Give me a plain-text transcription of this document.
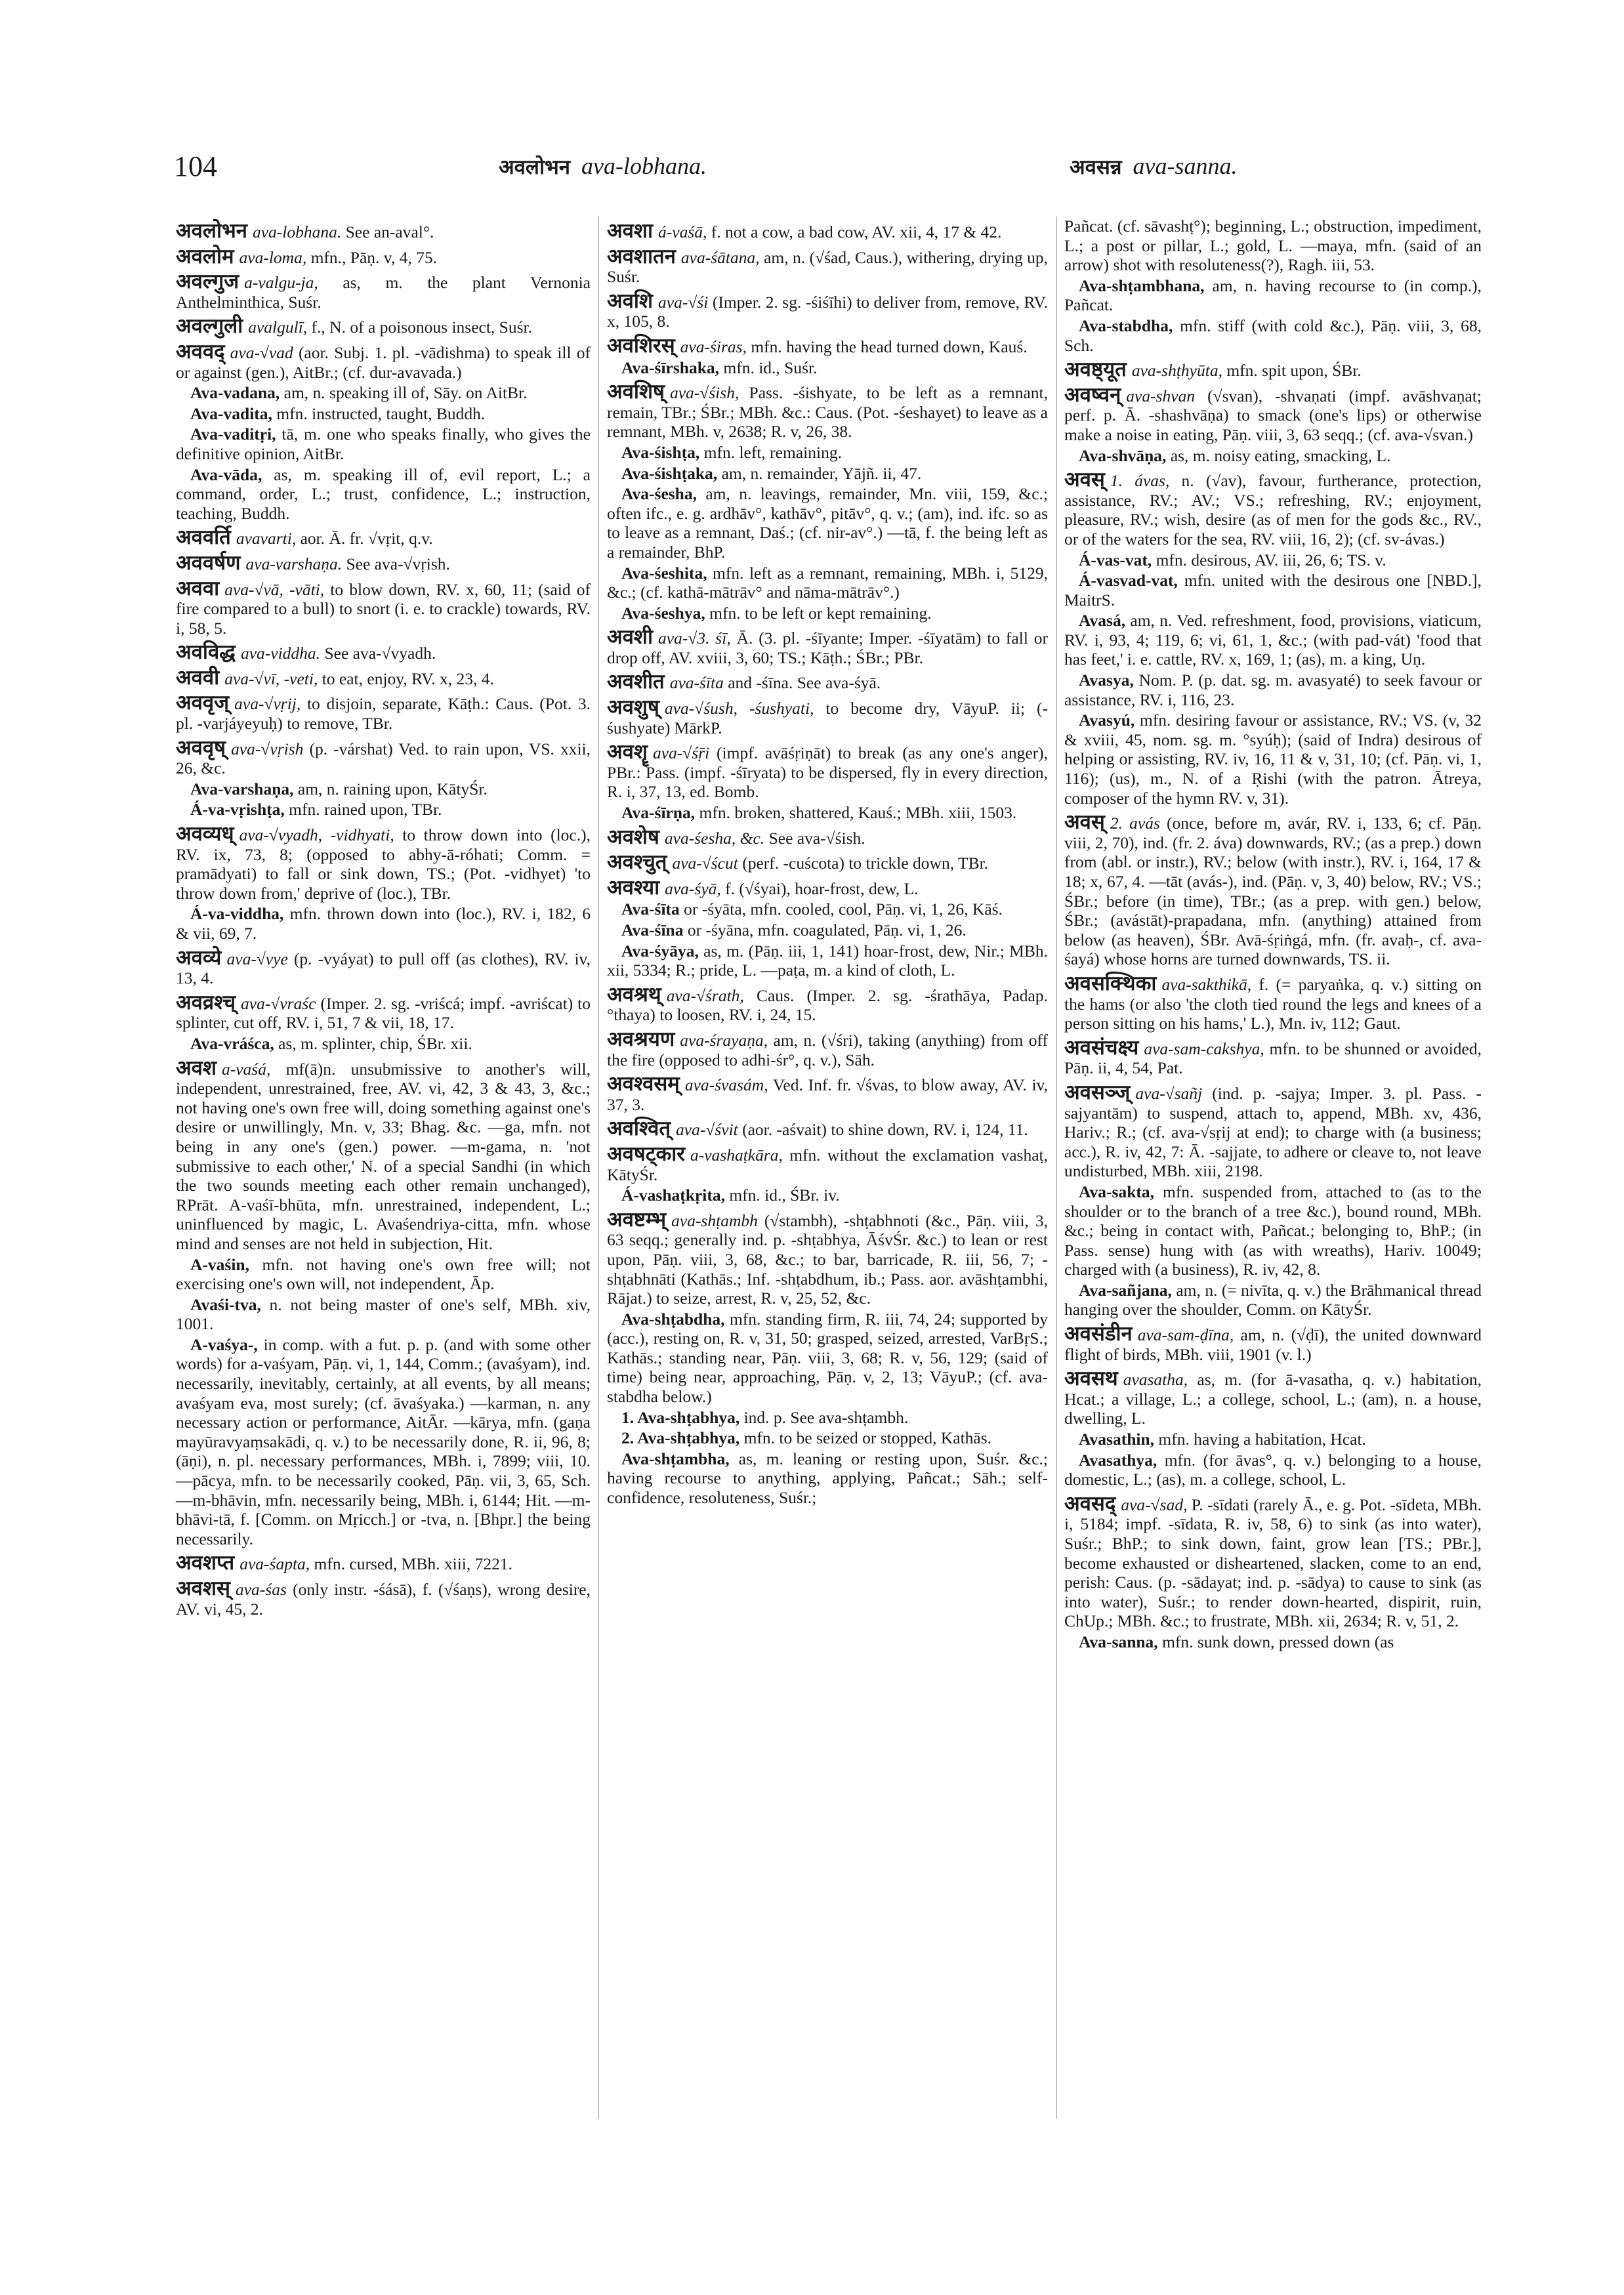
104	अवलोभन ava-lobhana.	अवसन्न ava-sanna.
अवलोभन ava-lobhana. See an-aval°.
अवलोम ava-loma, mfn., Pāṇ. v, 4, 75.
अवल्गुज a-valgu-ja, as, m. the plant Vernonia Anthelminthica, Suśr.
अवल्गुली avalgulī, f., N. of a poisonous insect, Suśr.
अववद् ava-√vad (aor. Subj. 1. pl. -vādishma) to speak ill of or against (gen.), AitBr.; (cf. dur-avavada.)
Ava-vadana, am, n. speaking ill of, Sāy. on AitBr.
Ava-vadita, mfn. instructed, taught, Buddh.
Ava-vaditṛi, tā, m. one who speaks finally, who gives the definitive opinion, AitBr.
Ava-vāda, as, m. speaking ill of, evil report, L.; a command, order, L.; trust, confidence, L.; instruction, teaching, Buddh.
अववर्ति avavarti, aor. Ā. fr. √vṛit, q.v.
अववर्षण ava-varshaṇa. See ava-√vṛish.
अववा ava-√vā, -vāti, to blow down, RV. x, 60, 11; (said of fire compared to a bull) to snort (i. e. to crackle) towards, RV. i, 58, 5.
अवविद्ध ava-viddha. See ava-√vyadh.
अववी ava-√vī, -veti, to eat, enjoy, RV. x, 23, 4.
अववृज् ava-√vṛij, to disjoin, separate, Kāṭh.: Caus. (Pot. 3. pl. -varjáyeyuḥ) to remove, TBr.
अववृष् ava-√vṛish (p. -várshat) Ved. to rain upon, VS. xxii, 26, &c.
Ava-varshaṇa, am, n. raining upon, KātyŚr.
Á-va-vṛishṭa, mfn. rained upon, TBr.
अवव्यध् ava-√vyadh, -vidhyati, to throw down into (loc.), RV. ix, 73, 8; (opposed to abhy-ā-róhati; Comm. = pramādyati) to fall or sink down, TS.; (Pot. -vidhyet) 'to throw down from,' deprive of (loc.), TBr.
Á-va-viddha, mfn. thrown down into (loc.), RV. i, 182, 6 & vii, 69, 7.
अवव्ये ava-√vye (p. -vyáyat) to pull off (as clothes), RV. iv, 13, 4.
अवव्रश्च् ava-√vraśc (Imper. 2. sg. -vriścá; impf. -avriścat) to splinter, cut off, RV. i, 51, 7 & vii, 18, 17.
Ava-vráśca, as, m. splinter, chip, ŚBr. xii.
अवश a-vaśá, mf(ā)n. unsubmissive to another's will, independent, unrestrained, free, AV. vi, 42, 3 & 43, 3, &c.; not having one's own free will, doing something against one's desire or unwillingly, Mn. v, 33; Bhag. &c. —ga, mfn. not being in any one's (gen.) power. —m-gama, n. 'not submissive to each other,' N. of a special Sandhi (in which the two sounds meeting each other remain unchanged), RPrāt. A-vaśī-bhūta, mfn. unrestrained, independent, L.; uninfluenced by magic, L. Avaśendriya-citta, mfn. whose mind and senses are not held in subjection, Hit.
A-vaśin, mfn. not having one's own free will; not exercising one's own will, not independent, Āp.
Avaśi-tva, n. not being master of one's self, MBh. xiv, 1001.
A-vaśya-, in comp. with a fut. p. p. (and with some other words) for a-vaśyam, Pāṇ. vi, 1, 144, Comm.; (avaśyam), ind. necessarily, inevitably, certainly, at all events, by all means; avaśyam eva, most surely; (cf. āvaśyaka.) —karman, n. any necessary action or performance, AitĀr. —kārya, mfn. (gaṇa mayūravyaṃsakādi, q. v.) to be necessarily done, R. ii, 96, 8; (āṇi), n. pl. necessary performances, MBh. i, 7899; viii, 10. —pācya, mfn. to be necessarily cooked, Pāṇ. vii, 3, 65, Sch. —m-bhāvin, mfn. necessarily being, MBh. i, 6144; Hit. —m-bhāvi-tā, f. [Comm. on Mṛicch.] or -tva, n. [Bhpr.] the being necessarily.
अवशप्त ava-śapta, mfn. cursed, MBh. xiii, 7221.
अवशस् ava-śas (only instr. -śásā), f. (√śaṇs), wrong desire, AV. vi, 45, 2.
अवशा á-vaśā, f. not a cow, a bad cow, AV. xii, 4, 17 & 42.
अवशातन ava-śātana, am, n. (√śad, Caus.), withering, drying up, Suśr.
अवशि ava-√śi (Imper. 2. sg. -śiśīhi) to deliver from, remove, RV. x, 105, 8.
अवशिरस् ava-śiras, mfn. having the head turned down, Kauś.
Ava-śīrshaka, mfn. id., Suśr.
अवशिष् ava-√śish, Pass. -śishyate, to be left as a remnant, remain, TBr.; ŚBr.; MBh. &c.: Caus. (Pot. -śeshayet) to leave as a remnant, MBh. v, 2638; R. v, 26, 38.
Ava-śishṭa, mfn. left, remaining.
Ava-śishṭaka, am, n. remainder, Yājñ. ii, 47.
Ava-śesha, am, n. leavings, remainder, Mn. viii, 159, &c.; often ifc., e. g. ardhāv°, kathāv°, pitāv°, q. v.; (am), ind. ifc. so as to leave as a remnant, Daś.; (cf. nir-av°.) —tā, f. the being left as a remainder, BhP.
Ava-śeshita, mfn. left as a remnant, remaining, MBh. i, 5129, &c.; (cf. kathā-mātrāv° and nāma-mātrāv°.)
Ava-śeshya, mfn. to be left or kept remaining.
अवशी ava-√3. śī, Ā. (3. pl. -śīyante; Imper. -śīyatām) to fall or drop off, AV. xviii, 3, 60; TS.; Kāṭh.; ŚBr.; PBr.
अवशीत ava-śīta and -śīna. See ava-śyā.
अवशुष् ava-√śush, -śushyati, to become dry, VāyuP. ii; (-śushyate) MārkP.
अवशॄ ava-√śṝi (impf. avāśṛiṇāt) to break (as any one's anger), PBr.: Pass. (impf. -śīryata) to be dispersed, fly in every direction, R. i, 37, 13, ed. Bomb.
Ava-śīrṇa, mfn. broken, shattered, Kauś.; MBh. xiii, 1503.
अवशेष ava-śesha, &c. See ava-√śish.
अवश्चुत् ava-√ścut (perf. -cuścota) to trickle down, TBr.
अवश्या ava-śyā, f. (√śyai), hoar-frost, dew, L.
Ava-śīta or -śyāta, mfn. cooled, cool, Pāṇ. vi, 1, 26, Kāś.
Ava-śīna or -śyāna, mfn. coagulated, Pāṇ. vi, 1, 26.
Ava-śyāya, as, m. (Pāṇ. iii, 1, 141) hoar-frost, dew, Nir.; MBh. xii, 5334; R.; pride, L. —paṭa, m. a kind of cloth, L.
अवश्रथ् ava-√śrath, Caus. (Imper. 2. sg. -śrathāya, Padap. °thaya) to loosen, RV. i, 24, 15.
अवश्रयण ava-śrayaṇa, am, n. (√śri), taking (anything) from off the fire (opposed to adhi-śr°, q. v.), Sāh.
अवश्वसम् ava-śvasám, Ved. Inf. fr. √śvas, to blow away, AV. iv, 37, 3.
अवश्वित् ava-√śvit (aor. -aśvait) to shine down, RV. i, 124, 11.
अवषट्कार a-vashaṭkāra, mfn. without the exclamation vashaṭ, KātyŚr.
Á-vashaṭkṛita, mfn. id., ŚBr. iv.
अवष्टम्भ् ava-shṭambh (√stambh), -shṭabhnoti (&c., Pāṇ. viii, 3, 63 seqq.; generally ind. p. -shṭabhya, ĀśvŚr. &c.) to lean or rest upon, Pāṇ. viii, 3, 68, &c.; to bar, barricade, R. iii, 56, 7; -shṭabhnāti (Kathās.; Inf. -shṭabdhum, ib.; Pass. aor. avāshṭambhi, Rājat.) to seize, arrest, R. v, 25, 52, &c.
Ava-shṭabdha, mfn. standing firm, R. iii, 74, 24; supported by (acc.), resting on, R. v, 31, 50; grasped, seized, arrested, VarBṛS.; Kathās.; standing near, Pāṇ. viii, 3, 68; R. v, 56, 129; (said of time) being near, approaching, Pāṇ. v, 2, 13; VāyuP.; (cf. ava-stabdha below.)
1. Ava-shṭabhya, ind. p. See ava-shṭambh.
2. Ava-shṭabhya, mfn. to be seized or stopped, Kathās.
Ava-shṭambha, as, m. leaning or resting upon, Suśr. &c.; having recourse to anything, applying, Pañcat.; Sāh.; self-confidence, resoluteness, Suśr.;
Pañcat. (cf. sāvashṭ°); beginning, L.; obstruction, impediment, L.; a post or pillar, L.; gold, L. —maya, mfn. (said of an arrow) shot with resoluteness(?), Ragh. iii, 53.
Ava-shṭambhana, am, n. having recourse to (in comp.), Pañcat.
Ava-stabdha, mfn. stiff (with cold &c.), Pāṇ. viii, 3, 68, Sch.
अवष्ठ्यूत ava-shṭhyūta, mfn. spit upon, ŚBr.
अवष्वन् ava-shvan (√svan), -shvaṇati (impf. avāshvaṇat; perf. p. Ā. -shashvāṇa) to smack (one's lips) or otherwise make a noise in eating, Pāṇ. viii, 3, 63 seqq.; (cf. ava-√svan.)
Ava-shvāṇa, as, m. noisy eating, smacking, L.
अवस् 1. ávas, n. (√av), favour, furtherance, protection, assistance, RV.; AV.; VS.; refreshing, RV.; enjoyment, pleasure, RV.; wish, desire (as of men for the gods &c., RV., or of the waters for the sea, RV. viii, 16, 2); (cf. sv-ávas.)
Á-vas-vat, mfn. desirous, AV. iii, 26, 6; TS. v.
Á-vasvad-vat, mfn. united with the desirous one [NBD.], MaitrS.
Avasá, am, n. Ved. refreshment, food, provisions, viaticum, RV. i, 93, 4; 119, 6; vi, 61, 1, &c.; (with pad-vát) 'food that has feet,' i. e. cattle, RV. x, 169, 1; (as), m. a king, Uṇ.
Avasya, Nom. P. (p. dat. sg. m. avasyaté) to seek favour or assistance, RV. i, 116, 23.
Avasyú, mfn. desiring favour or assistance, RV.; VS. (v, 32 & xviii, 45, nom. sg. m. °syúḥ); (said of Indra) desirous of helping or assisting, RV. iv, 16, 11 & v, 31, 10; (cf. Pāṇ. vi, 1, 116); (us), m., N. of a Ṛishi (with the patron. Ātreya, composer of the hymn RV. v, 31).
अवस् 2. avás (once, before m, avár, RV. i, 133, 6; cf. Pāṇ. viii, 2, 70), ind. (fr. 2. áva) downwards, RV.; (as a prep.) down from (abl. or instr.), RV.; below (with instr.), RV. i, 164, 17 & 18; x, 67, 4. —tāt (avás-), ind. (Pāṇ. v, 3, 40) below, RV.; VS.; ŚBr.; before (in time), TBr.; (as a prep. with gen.) below, ŚBr.; (avástāt)-prapadana, mfn. (anything) attained from below (as heaven), ŚBr. Avā-śṛiṅgá, mfn. (fr. avaḥ-, cf. ava-śayá) whose horns are turned downwards, TS. ii.
अवसक्थिका ava-sakthikā, f. (= paryaṅka, q. v.) sitting on the hams (or also 'the cloth tied round the legs and knees of a person sitting on his hams,' L.), Mn. iv, 112; Gaut.
अवसंचक्ष्य ava-sam-cakshya, mfn. to be shunned or avoided, Pāṇ. ii, 4, 54, Pat.
अवसञ्ज् ava-√sañj (ind. p. -sajya; Imper. 3. pl. Pass. -sajyantām) to suspend, attach to, append, MBh. xv, 436, Hariv.; R.; (cf. ava-√sṛij at end); to charge with (a business; acc.), R. iv, 42, 7: Ā. -sajjate, to adhere or cleave to, not leave undisturbed, MBh. xiii, 2198.
Ava-sakta, mfn. suspended from, attached to (as to the shoulder or to the branch of a tree &c.), bound round, MBh. &c.; being in contact with, Pañcat.; belonging to, BhP.; (in Pass. sense) hung with (as with wreaths), Hariv. 10049; charged with (a business), R. iv, 42, 8.
Ava-sañjana, am, n. (= nivīta, q. v.) the Brāhmanical thread hanging over the shoulder, Comm. on KātyŚr.
अवसंडीन ava-sam-ḍīna, am, n. (√ḍī), the united downward flight of birds, MBh. viii, 1901 (v. l.)
अवसथ avasatha, as, m. (for ā-vasatha, q. v.) habitation, Hcat.; a village, L.; a college, school, L.; (am), n. a house, dwelling, L.
Avasathin, mfn. having a habitation, Hcat.
Avasathya, mfn. (for āvas°, q. v.) belonging to a house, domestic, L.; (as), m. a college, school, L.
अवसद् ava-√sad, P. -sīdati (rarely Ā., e. g. Pot. -sīdeta, MBh. i, 5184; impf. -sīdata, R. iv, 58, 6) to sink (as into water), Suśr.; BhP.; to sink down, faint, grow lean [TS.; PBr.], become exhausted or disheartened, slacken, come to an end, perish: Caus. (p. -sādayat; ind. p. -sādya) to cause to sink (as into water), Suśr.; to render down-hearted, dispirit, ruin, ChUp.; MBh. &c.; to frustrate, MBh. xii, 2634; R. v, 51, 2.
Ava-sanna, mfn. sunk down, pressed down (as
